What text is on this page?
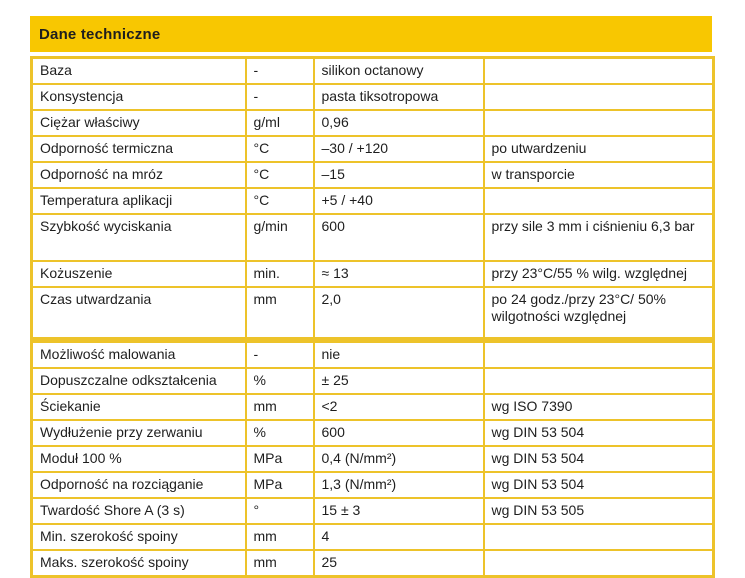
Dane techniczne
Baza	-	silikon octanowy	
Konsystencja	-	pasta tiksotropowa	
Ciężar właściwy	g/ml	0,96	
Odporność termiczna	°C	–30 / +120	po utwardzeniu
Odporność na mróz	°C	–15	w transporcie
Temperatura aplikacji	°C	+5 / +40	
Szybkość wyciskania	g/min	600	przy sile 3 mm i ciśnieniu 6,3 bar
Kożuszenie	min.	≈ 13	przy 23°C/55 % wilg. względnej
Czas utwardzania	mm	2,0	po 24 godz./przy 23°C/ 50% wilgotności względnej
Możliwość malowania	-	nie	
Dopuszczalne odkształcenia	%	± 25	
Ściekanie	mm	<2	wg ISO 7390
Wydłużenie przy zerwaniu	%	600	wg DIN 53 504
Moduł 100 %	MPa	0,4 (N/mm²)	wg DIN 53 504
Odporność na rozciąganie	MPa	1,3 (N/mm²)	wg DIN 53 504
Twardość Shore A (3 s)	°	15 ± 3	wg DIN 53 505
Min. szerokość spoiny	mm	4	
Maks. szerokość spoiny	mm	25	
